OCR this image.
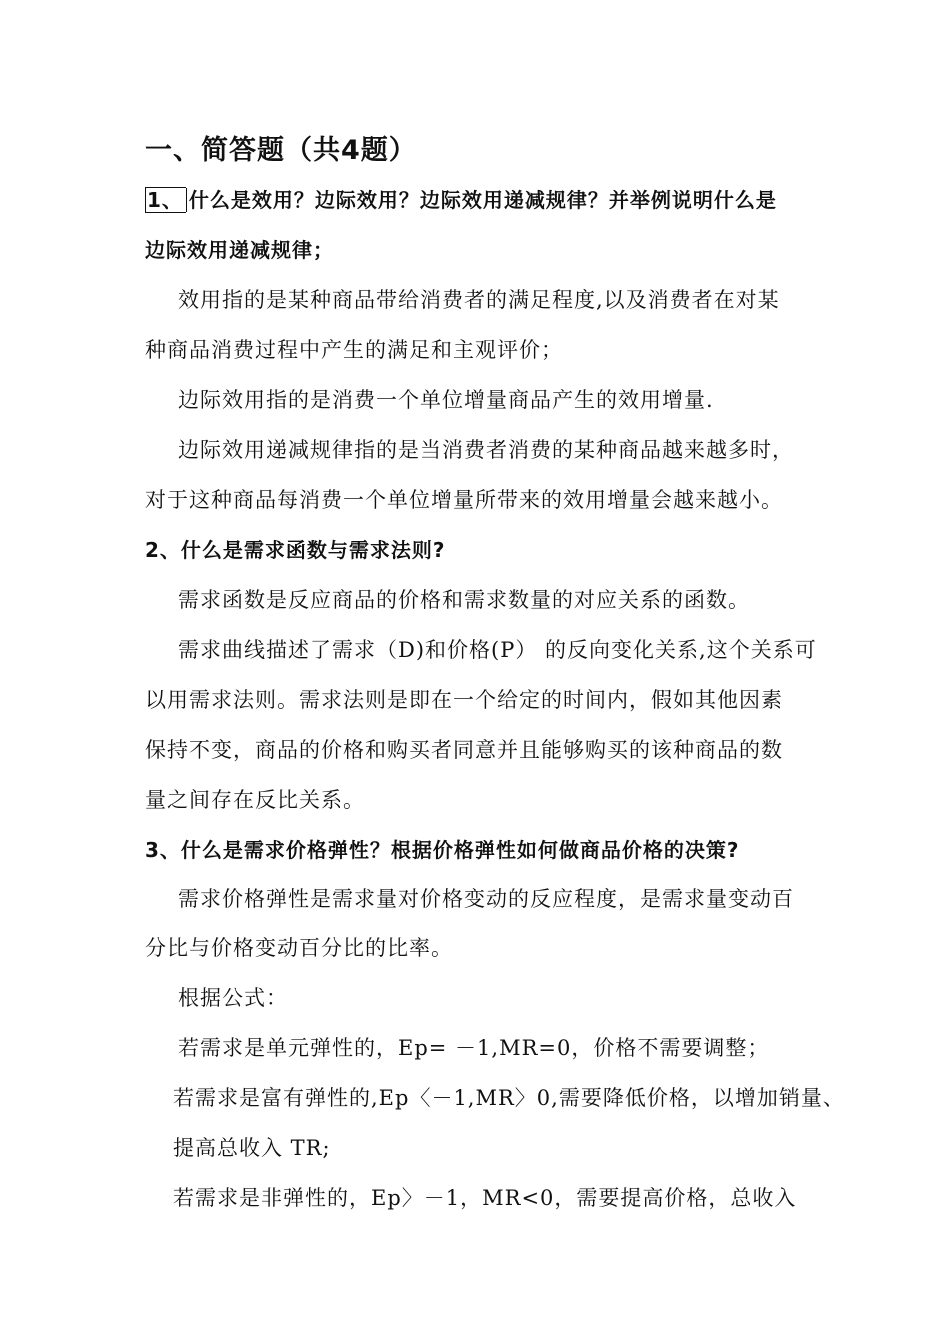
一、简答题（共4题）
1、 什么是效用？边际效用？边际效用递减规律？并举例说明什么是
边际效用递减规律；
效用指的是某种商品带给消费者的满足程度,以及消费者在对某
种商品消费过程中产生的满足和主观评价；
边际效用指的是消费一个单位增量商品产生的效用增量.
边际效用递减规律指的是当消费者消费的某种商品越来越多时，
对于这种商品每消费一个单位增量所带来的效用增量会越来越小。
2、什么是需求函数与需求法则?
需求函数是反应商品的价格和需求数量的对应关系的函数。
需求曲线描述了需求（D)和价格(P） 的反向变化关系,这个关系可
以用需求法则。需求法则是即在一个给定的时间内，假如其他因素
保持不变，商品的价格和购买者同意并且能够购买的该种商品的数
量之间存在反比关系。
3、什么是需求价格弹性？根据价格弹性如何做商品价格的决策?
需求价格弹性是需求量对价格变动的反应程度，是需求量变动百
分比与价格变动百分比的比率。
根据公式：
若需求是单元弹性的，Ep= －1,MR=0，价格不需要调整；
若需求是富有弹性的,Ep〈－1,MR〉0,需要降低价格，以增加销量、
提高总收入 TR;
若需求是非弹性的，Ep〉－1，MR<0，需要提高价格，总收入
